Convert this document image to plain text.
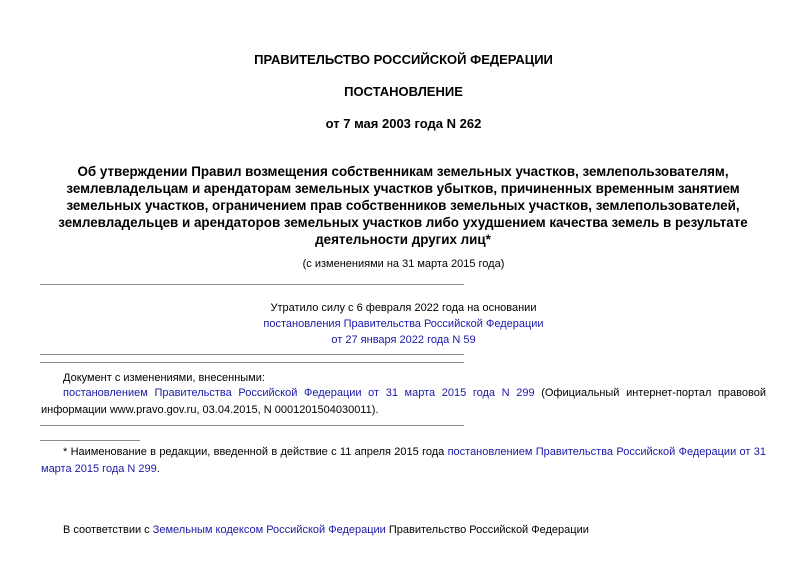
ПРАВИТЕЛЬСТВО РОССИЙСКОЙ ФЕДЕРАЦИИ
ПОСТАНОВЛЕНИЕ
от 7 мая 2003 года N 262
Об утверждении Правил возмещения собственникам земельных участков, землепользователям, землевладельцам и арендаторам земельных участков убытков, причиненных временным занятием земельных участков, ограничением прав собственников земельных участков, землепользователей, землевладельцев и арендаторов земельных участков либо ухудшением качества земель в результате деятельности других лиц*
(с изменениями на 31 марта 2015 года)
Утратило силу с 6 февраля 2022 года на основании
постановления Правительства Российской Федерации
от 27 января 2022 года N 59
Документ с изменениями, внесенными:
постановлением Правительства Российской Федерации от 31 марта 2015 года N 299 (Официальный интернет-портал правовой информации www.pravo.gov.ru, 03.04.2015, N 0001201504030011).
* Наименование в редакции, введенной в действие с 11 апреля 2015 года постановлением Правительства Российской Федерации от 31 марта 2015 года N 299.
В соответствии с Земельным кодексом Российской Федерации Правительство Российской Федерации
